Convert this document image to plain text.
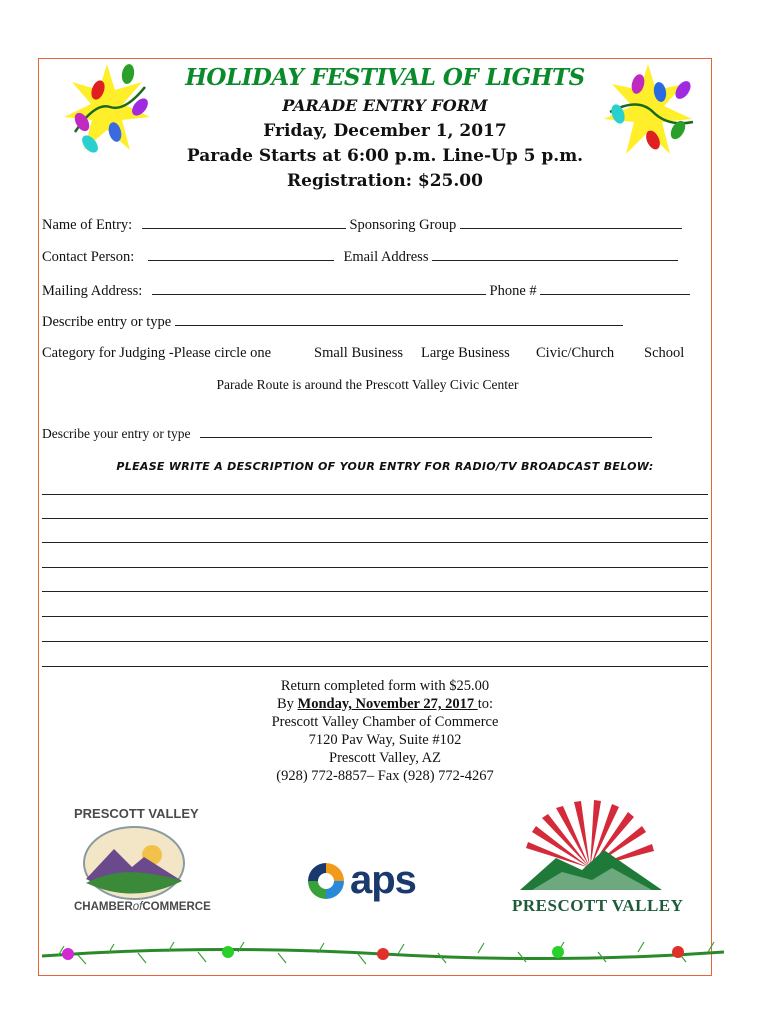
HOLIDAY FESTIVAL OF LIGHTS
PARADE ENTRY FORM
Friday, December 1, 2017
Parade Starts at 6:00 p.m. Line-Up 5 p.m.
Registration: $25.00
Name of Entry:	Sponsoring Group
Contact Person:	Email Address
Mailing Address:	Phone #
Describe entry or type
Category for Judging -Please circle one	Small Business Large Business Civic/Church School
Parade Route is around the Prescott Valley Civic Center
Describe your entry or type
PLEASE WRITE A DESCRIPTION OF YOUR ENTRY FOR RADIO/TV BROADCAST BELOW:
Return completed form with $25.00
By Monday, November 27, 2017 to:
Prescott Valley Chamber of Commerce
7120 Pav Way, Suite #102
Prescott Valley, AZ
(928) 772-8857– Fax (928) 772-4267
PRESCOTT VALLEY
CHAMBERofCOMMERCE
aps
PRESCOTT VALLEY
